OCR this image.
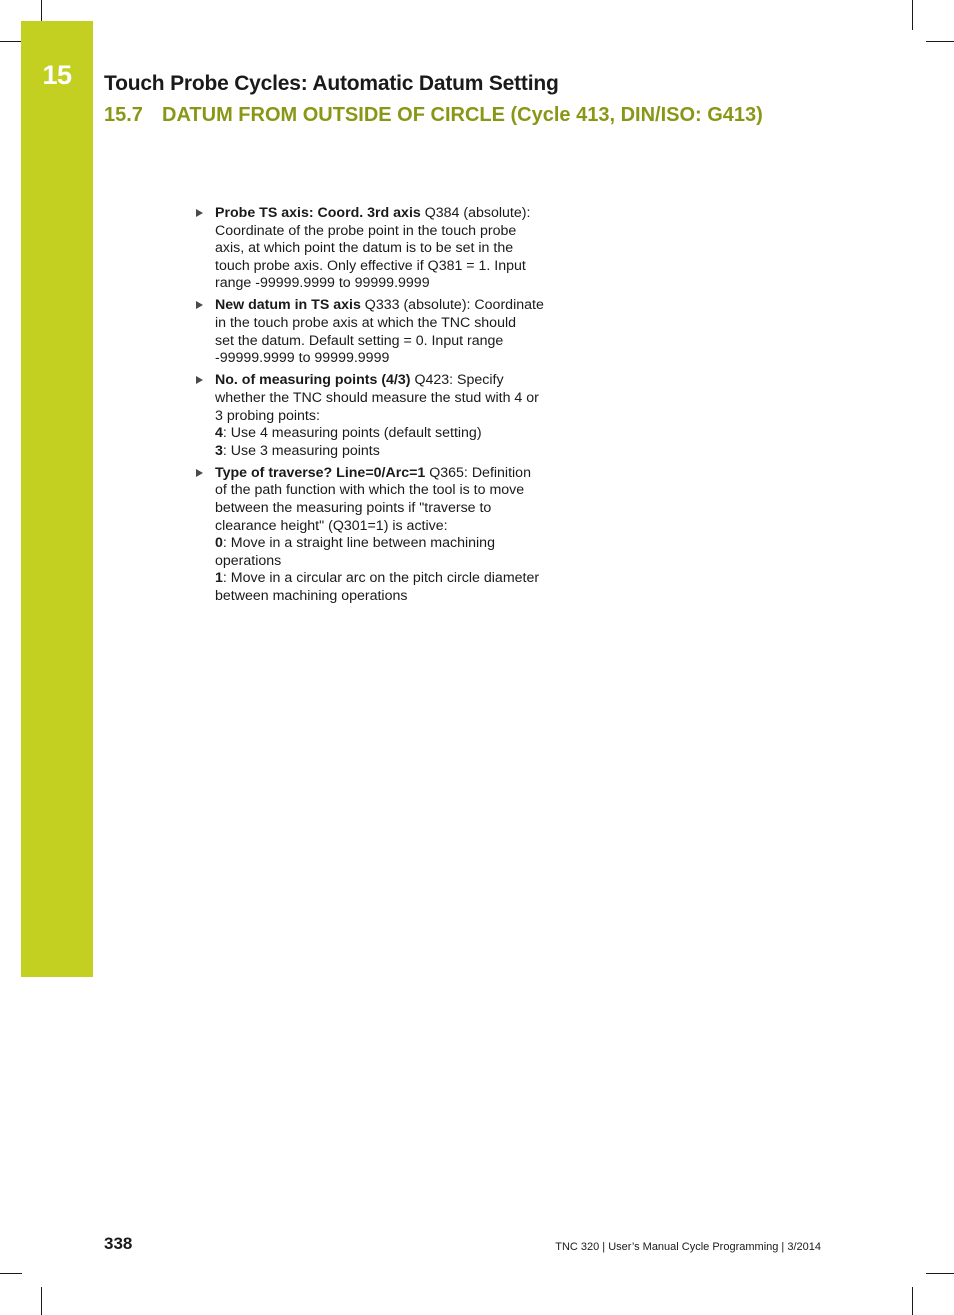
15	Touch Probe Cycles: Automatic Datum Setting
15.7 DATUM FROM OUTSIDE OF CIRCLE (Cycle 413, DIN/ISO: G413)
Probe TS axis: Coord. 3rd axis Q384 (absolute):
Coordinate of the probe point in the touch probe
axis, at which point the datum is to be set in the
touch probe axis. Only effective if Q381 = 1. Input
range -99999.9999 to 99999.9999
New datum in TS axis Q333 (absolute): Coordinate
in the touch probe axis at which the TNC should
set the datum. Default setting = 0. Input range
-99999.9999 to 99999.9999
No. of measuring points (4/3) Q423: Specify
whether the TNC should measure the stud with 4 or
3 probing points:
4: Use 4 measuring points (default setting)
3: Use 3 measuring points
Type of traverse? Line=0/Arc=1 Q365: Definition
of the path function with which the tool is to move
between the measuring points if "traverse to
clearance height" (Q301=1) is active:
0: Move in a straight line between machining
operations
1: Move in a circular arc on the pitch circle diameter
between machining operations
338	TNC 320 | User’s Manual Cycle Programming | 3/2014
